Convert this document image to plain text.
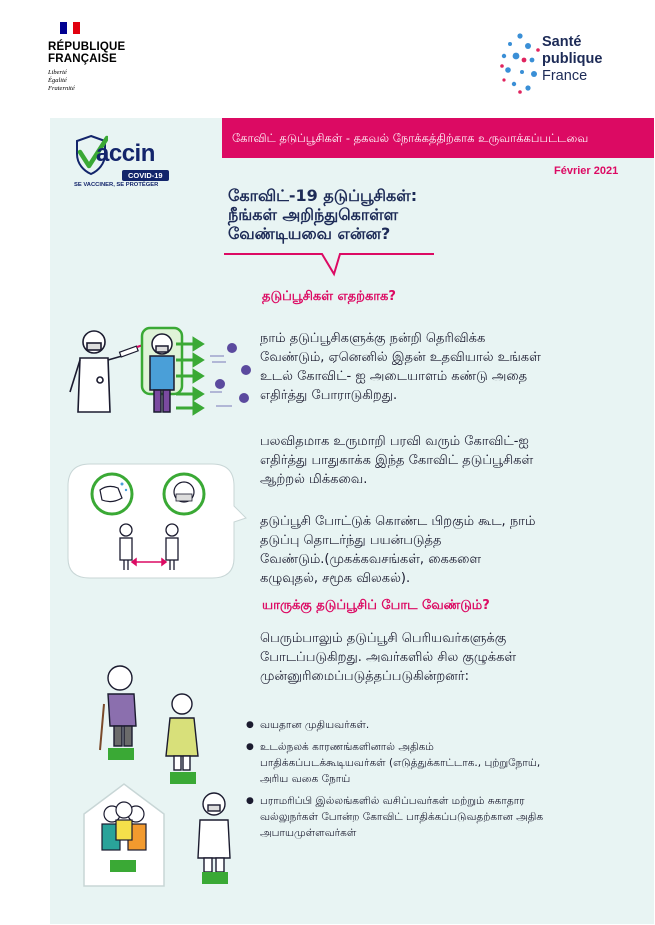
RÉPUBLIQUE
FRANÇAISE
Liberté
Égalité
Fraternité
Santé
publique
France
கோவிட் தடுப்பூசிகள் - தகவல் நோக்கத்திற்காக உருவாக்கப்பட்டவை
Février 2021
accin
COVID-19
SE VACCINER, SE PROTÉGER
கோவிட்-19 தடுப்பூசிகள்:
நீங்கள் அறிந்துகொள்ள
வேண்டியவை என்ன?
தடுப்பூசிகள் எதற்காக?
நாம் தடுப்பூசிகளுக்கு நன்றி தெரிவிக்க
வேண்டும், ஏனெனில் இதன் உதவியால் உங்கள்
உடல் கோவிட்- ஐ அடையாளம் கண்டு அதை
எதிர்த்து போராடுகிறது.
பலவிதமாக உருமாறி பரவி வரும் கோவிட்-ஐ
எதிர்த்து பாதுகாக்க இந்த கோவிட் தடுப்பூசிகள்
ஆற்றல் மிக்கவை.
தடுப்பூசி போட்டுக் கொண்ட பிறகும் கூட, நாம்
தடுப்பு தொடர்ந்து பயன்படுத்த
வேண்டும்.(முகக்கவசங்கள், கைகளை
கழுவுதல், சமூக விலகல்).
யாருக்கு தடுப்பூசிப் போட வேண்டும்?
பெரும்பாலும் தடுப்பூசி பெரியவர்களுக்கு
போடப்படுகிறது. அவர்களில் சில குழுக்கள்
முன்னுரிமைப்படுத்தப்படுகின்றனர்:
● வயதான முதியவர்கள்.
● உடல்நலக் காரணங்களினால் அதிகம்
பாதிக்கப்படக்கூடியவர்கள் (எடுத்துக்காட்டாக., புற்றுநோய்,
அரிய வகை நோய்
● பராமரிப்பி இல்லங்களில் வசிப்பவர்கள் மற்றும் சுகாதார
வல்லுநர்கள் போன்ற கோவிட் பாதிக்கப்படுவதற்கான அதிக
அபாயமுள்ளவர்கள்
